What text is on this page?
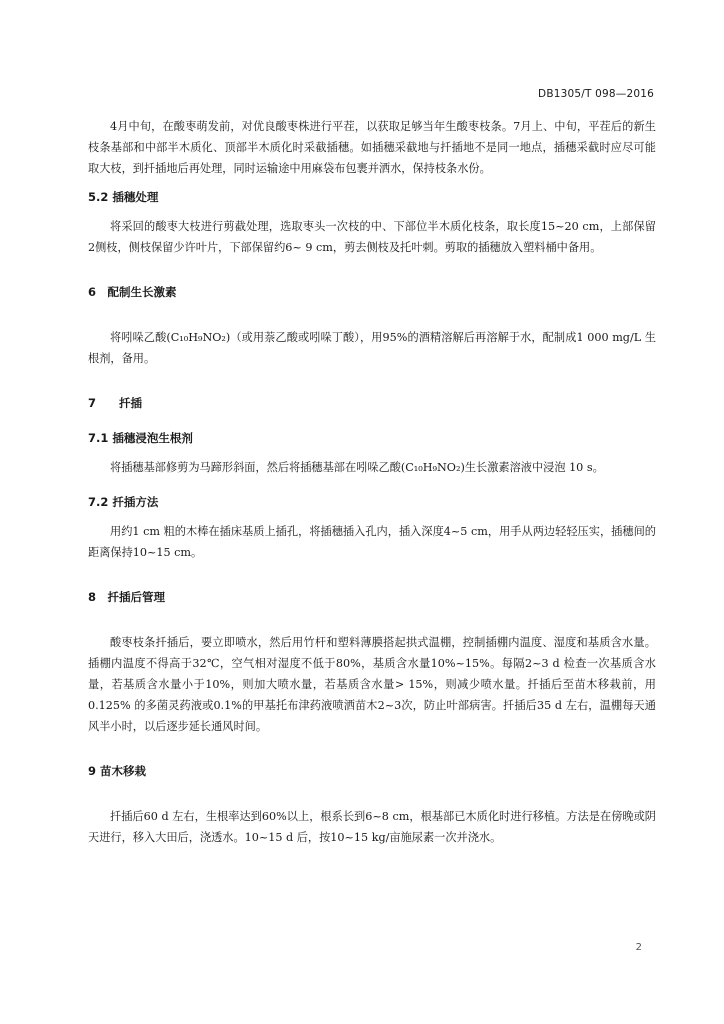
DB1305/T 098—2016

4月中旬，在酸枣萌发前，对优良酸枣株进行平茬，以获取足够当年生酸枣枝条。7月上、中旬，平茬后的新生枝条基部和中部半木质化、顶部半木质化时采截插穗。如插穗采截地与扦插地不是同一地点，插穗采截时应尽可能取大枝，到扦插地后再处理，同时运输途中用麻袋布包裹并洒水，保持枝条水份。

5.2 插穗处理

将采回的酸枣大枝进行剪截处理，选取枣头一次枝的中、下部位半木质化枝条，取长度15~20 cm，上部保留2侧枝，侧枝保留少许叶片，下部保留约6~ 9 cm，剪去侧枝及托叶刺。剪取的插穗放入塑料桶中备用。

6　配制生长激素

将吲哚乙酸(C₁₀H₉NO₂)（或用萘乙酸或吲哚丁酸），用95%的酒精溶解后再溶解于水，配制成1 000 mg/L 生根剂，备用。

7　　扦插

7.1 插穗浸泡生根剂

将插穗基部修剪为马蹄形斜面，然后将插穗基部在吲哚乙酸(C₁₀H₉NO₂)生长激素溶液中浸泡 10 s。

7.2 扦插方法

用约1 cm 粗的木棒在插床基质上插孔，将插穗插入孔内，插入深度4~5 cm，用手从两边轻轻压实，插穗间的距离保持10~15 cm。

8　扦插后管理

酸枣枝条扦插后，要立即喷水，然后用竹杆和塑料薄膜搭起拱式温棚，控制插棚内温度、湿度和基质含水量。插棚内温度不得高于32℃，空气相对湿度不低于80%，基质含水量10%~15%。每隔2~3 d 检查一次基质含水量，若基质含水量小于10%，则加大喷水量，若基质含水量> 15%，则减少喷水量。扦插后至苗木移栽前，用0.125% 的多菌灵药液或0.1%的甲基托布津药液喷洒苗木2~3次，防止叶部病害。扦插后35 d 左右，温棚每天通风半小时，以后逐步延长通风时间。

9 苗木移栽

扦插后60 d 左右，生根率达到60%以上，根系长到6~8 cm，根基部已木质化时进行移植。方法是在傍晚或阴天进行，移入大田后，浇透水。10~15 d 后，按10~15 kg/亩施尿素一次并浇水。

2
